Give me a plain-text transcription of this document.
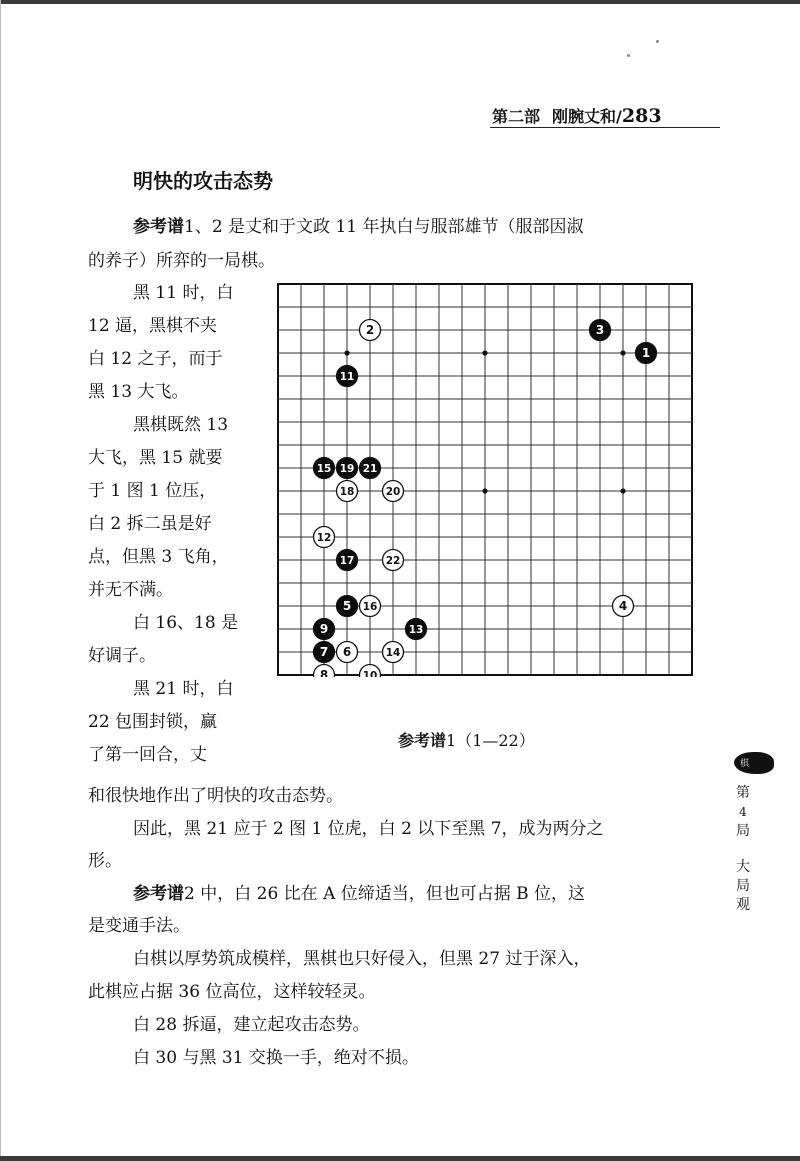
第二部 刚腕丈和/283
明快的攻击态势
参考谱1、2 是丈和于文政 11 年执白与服部雄节（服部因淑
的养子）所弈的一局棋。

黑 11 时，白

12 逼，黑棋不夹

白 12 之子，而于

黑 13 大飞。

黑棋既然 13

大飞，黑 15 就要

于 1 图 1 位压，

白 2 拆二虽是好

点，但黑 3 飞角，

并无不满。

白 16、18 是

好调子。

黑 21 时，白

22 包围封锁，赢

了第一回合，丈

1
2	3
4
5
6
7
8
9
10
11
12
13
14
15
16
17
18
19
20
21
22
参考谱1（1—22）
和很快地作出了明快的攻击态势。
因此，黑 21 应于 2 图 1 位虎，白 2 以下至黑 7，成为两分之
形。
参考谱2 中，白 26 比在 A 位缔适当，但也可占据 B 位，这
是变通手法。
白棋以厚势筑成模样，黑棋也只好侵入，但黑 27 过于深入，
此棋应占据 36 位高位，这样较轻灵。
白 28 拆逼，建立起攻击态势。
白 30 与黑 31 交换一手，绝对不损。
棋
第
4
局
大
局
观
